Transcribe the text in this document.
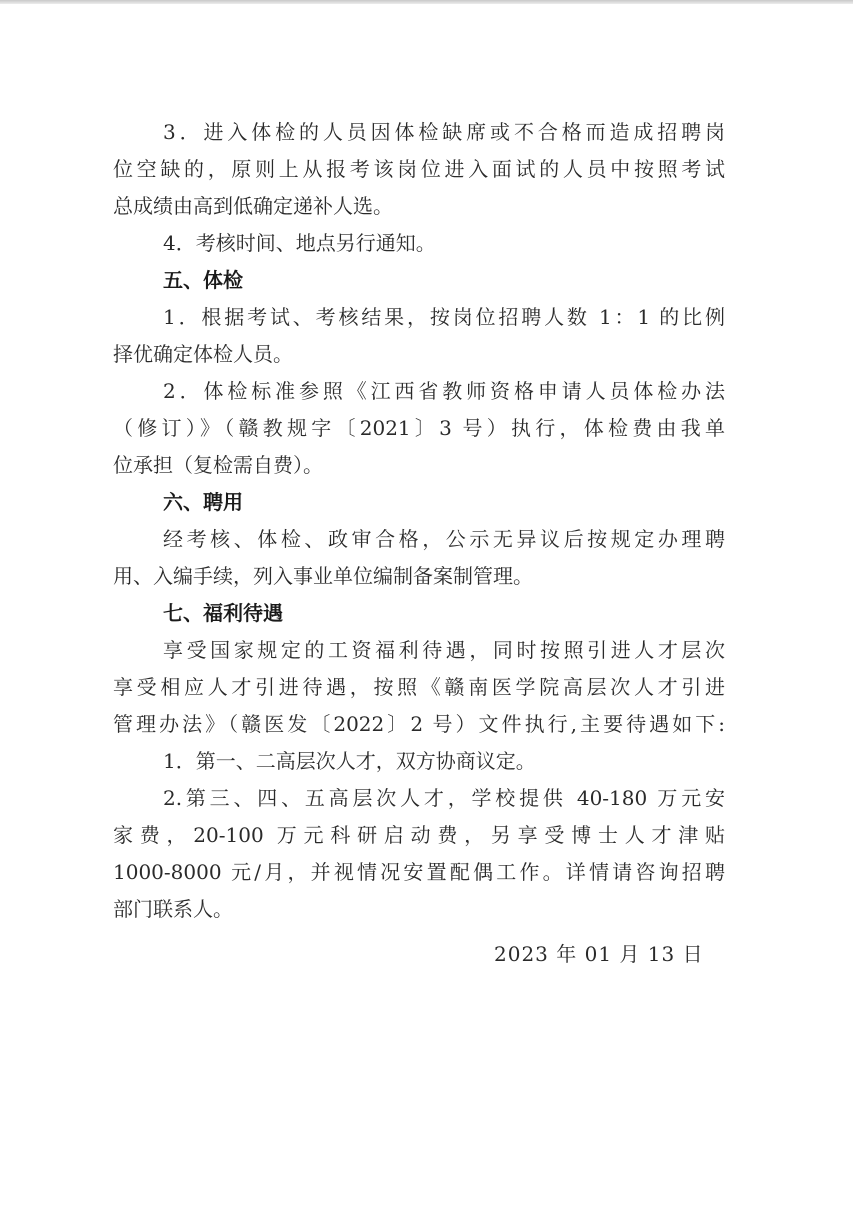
3．进入体检的人员因体检缺席或不合格而造成招聘岗
位空缺的，原则上从报考该岗位进入面试的人员中按照考试
总成绩由高到低确定递补人选。
4．考核时间、地点另行通知。
五、体检
1．根据考试、考核结果，按岗位招聘人数 1：1 的比例
择优确定体检人员。
2．体检标准参照《江西省教师资格申请人员体检办法
（修订）》（赣教规字〔2021〕3 号）执行，体检费由我单
位承担（复检需自费）。
六、聘用
经考核、体检、政审合格，公示无异议后按规定办理聘
用、入编手续，列入事业单位编制备案制管理。
七、福利待遇
享受国家规定的工资福利待遇，同时按照引进人才层次
享受相应人才引进待遇，按照《赣南医学院高层次人才引进
管理办法》（赣医发〔2022〕2 号）文件执行,主要待遇如下:
1．第一、二高层次人才，双方协商议定。
2.第三、四、五高层次人才，学校提供 40-180 万元安
家费，20-100 万元科研启动费，另享受博士人才津贴
1000-8000 元/月，并视情况安置配偶工作。详情请咨询招聘
部门联系人。
2023 年 01 月 13 日
